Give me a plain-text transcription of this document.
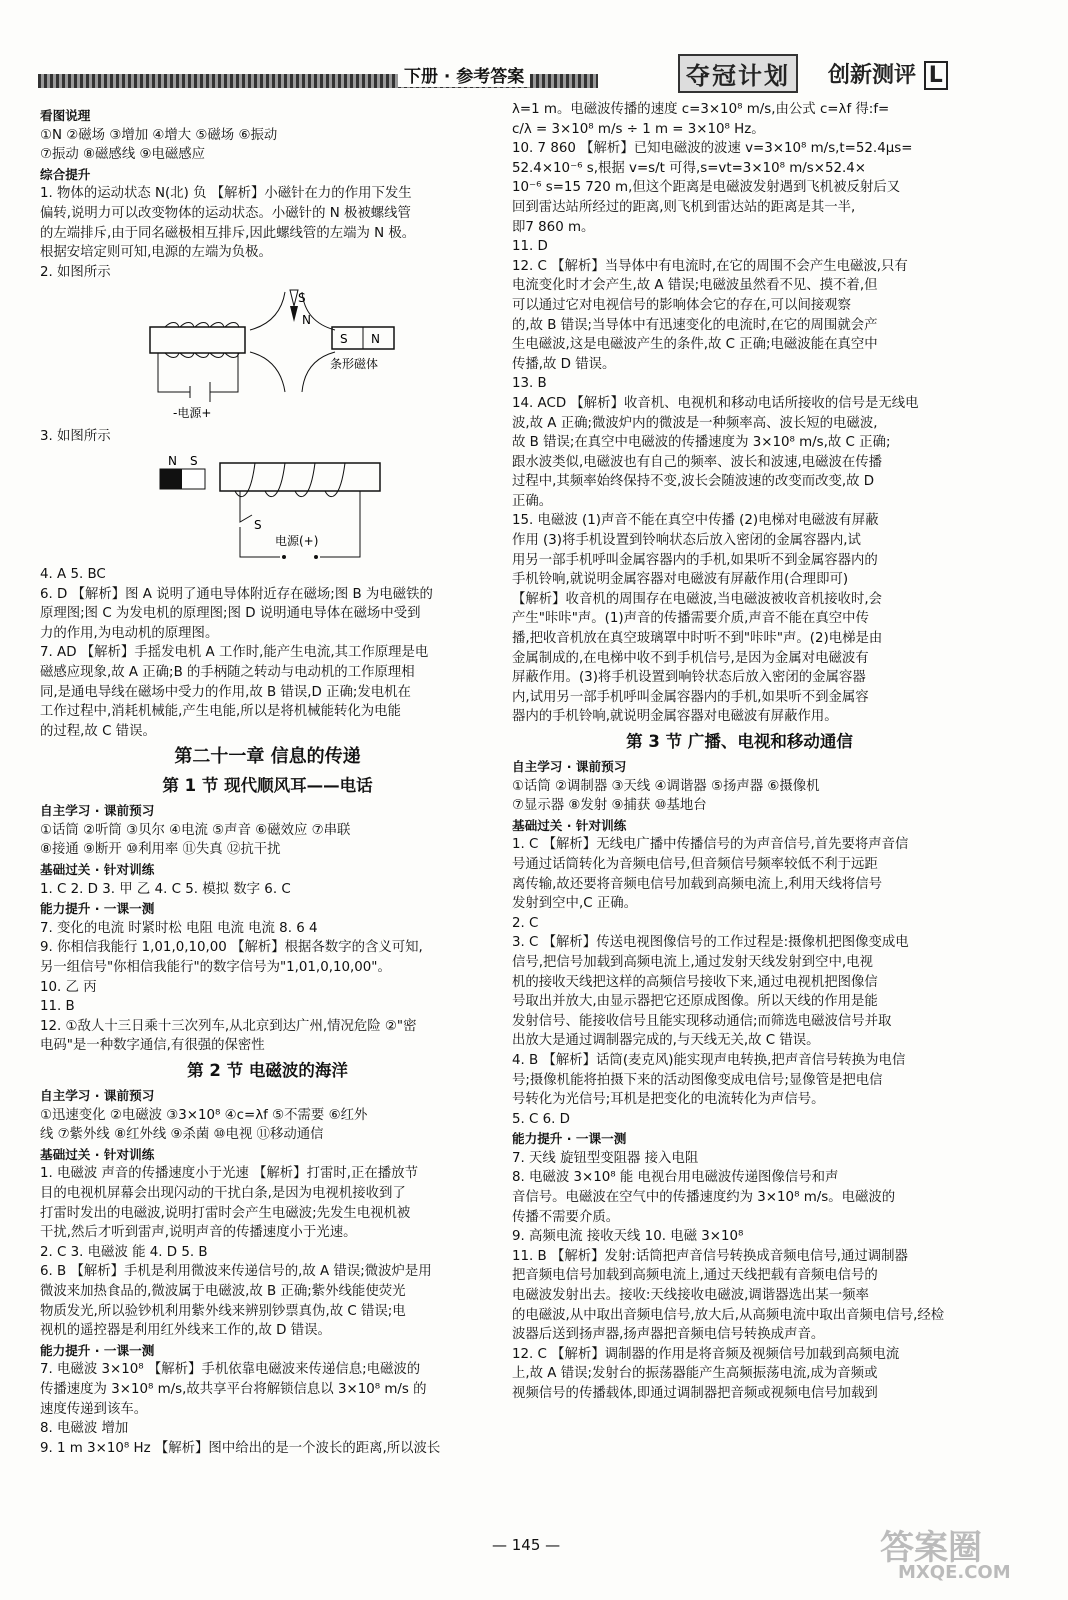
下册 · 参考答案	夺冠计划	创新测评 L
看图说理
①N ②磁场 ③增加 ④增大 ⑤磁场 ⑥振动
⑦振动 ⑧磁感线 ⑨电磁感应
综合提升
1. 物体的运动状态 N(北) 负 【解析】小磁针在力的作用下发生
偏转,说明力可以改变物体的运动状态。小磁针的 N 极被螺线管
的左端排斥,由于同名磁极相互排斥,因此螺线管的左端为 N 极。
根据安培定则可知,电源的左端为负极。
2. 如图所示
-电源+
S
N
S N
条形磁体
3. 如图所示
N S
S
电源(+)
4. A 5. BC
6. D 【解析】图 A 说明了通电导体附近存在磁场;图 B 为电磁铁的
原理图;图 C 为发电机的原理图;图 D 说明通电导体在磁场中受到
力的作用,为电动机的原理图。
7. AD 【解析】手摇发电机 A 工作时,能产生电流,其工作原理是电
磁感应现象,故 A 正确;B 的手柄随之转动与电动机的工作原理相
同,是通电导线在磁场中受力的作用,故 B 错误,D 正确;发电机在
工作过程中,消耗机械能,产生电能,所以是将机械能转化为电能
的过程,故 C 错误。
第二十一章 信息的传递
第 1 节 现代顺风耳——电话
自主学习 · 课前预习
①话筒 ②听筒 ③贝尔 ④电流 ⑤声音 ⑥磁效应 ⑦串联
⑧接通 ⑨断开 ⑩利用率 ⑪失真 ⑫抗干扰
基础过关 · 针对训练
1. C 2. D 3. 甲 乙 4. C 5. 模拟 数字 6. C
能力提升 · 一课一测
7. 变化的电流 时紧时松 电阻 电流 电流 8. 6 4
9. 你相信我能行 1,01,0,10,00 【解析】根据各数字的含义可知,
另一组信号"你相信我能行"的数字信号为"1,01,0,10,00"。
10. 乙 丙
11. B
12. ①敌人十三日乘十三次列车,从北京到达广州,情况危险 ②"密
电码"是一种数字通信,有很强的保密性
第 2 节 电磁波的海洋
自主学习 · 课前预习
①迅速变化 ②电磁波 ③3×10⁸ ④c=λf ⑤不需要 ⑥红外
线 ⑦紫外线 ⑧红外线 ⑨杀菌 ⑩电视 ⑪移动通信
基础过关 · 针对训练
1. 电磁波 声音的传播速度小于光速 【解析】打雷时,正在播放节
目的电视机屏幕会出现闪动的干扰白条,是因为电视机接收到了
打雷时发出的电磁波,说明打雷时会产生电磁波;先发生电视机被
干扰,然后才听到雷声,说明声音的传播速度小于光速。
2. C 3. 电磁波 能 4. D 5. B
6. B 【解析】手机是利用微波来传递信号的,故 A 错误;微波炉是用
微波来加热食品的,微波属于电磁波,故 B 正确;紫外线能使荧光
物质发光,所以验钞机利用紫外线来辨别钞票真伪,故 C 错误;电
视机的遥控器是利用红外线来工作的,故 D 错误。
能力提升 · 一课一测
7. 电磁波 3×10⁸ 【解析】手机依靠电磁波来传递信息;电磁波的
传播速度为 3×10⁸ m/s,故共享平台将解锁信息以 3×10⁸ m/s 的
速度传递到该车。
8. 电磁波 增加
9. 1 m 3×10⁸ Hz 【解析】图中给出的是一个波长的距离,所以波长
λ=1 m。电磁波传播的速度 c=3×10⁸ m/s,由公式 c=λf 得:f=
c/λ = 3×10⁸ m/s ÷ 1 m = 3×10⁸ Hz。
10. 7 860 【解析】已知电磁波的波速 v=3×10⁸ m/s,t=52.4μs=
52.4×10⁻⁶ s,根据 v=s/t 可得,s=vt=3×10⁸ m/s×52.4×
10⁻⁶ s=15 720 m,但这个距离是电磁波发射遇到飞机被反射后又
回到雷达站所经过的距离,则飞机到雷达站的距离是其一半,
即7 860 m。
11. D
12. C 【解析】当导体中有电流时,在它的周围不会产生电磁波,只有
电流变化时才会产生,故 A 错误;电磁波虽然看不见、摸不着,但
可以通过它对电视信号的影响体会它的存在,可以间接观察
的,故 B 错误;当导体中有迅速变化的电流时,在它的周围就会产
生电磁波,这是电磁波产生的条件,故 C 正确;电磁波能在真空中
传播,故 D 错误。
13. B
14. ACD 【解析】收音机、电视机和移动电话所接收的信号是无线电
波,故 A 正确;微波炉内的微波是一种频率高、波长短的电磁波,
故 B 错误;在真空中电磁波的传播速度为 3×10⁸ m/s,故 C 正确;
跟水波类似,电磁波也有自己的频率、波长和波速,电磁波在传播
过程中,其频率始终保持不变,波长会随波速的改变而改变,故 D
正确。
15. 电磁波 (1)声音不能在真空中传播 (2)电梯对电磁波有屏蔽
作用 (3)将手机设置到铃响状态后放入密闭的金属容器内,试
用另一部手机呼叫金属容器内的手机,如果听不到金属容器内的
手机铃响,就说明金属容器对电磁波有屏蔽作用(合理即可)
【解析】收音机的周围存在电磁波,当电磁波被收音机接收时,会
产生"咔咔"声。(1)声音的传播需要介质,声音不能在真空中传
播,把收音机放在真空玻璃罩中时听不到"咔咔"声。(2)电梯是由
金属制成的,在电梯中收不到手机信号,是因为金属对电磁波有
屏蔽作用。(3)将手机设置到响铃状态后放入密闭的金属容器
内,试用另一部手机呼叫金属容器内的手机,如果听不到金属容
器内的手机铃响,就说明金属容器对电磁波有屏蔽作用。
第 3 节 广播、电视和移动通信
自主学习 · 课前预习
①话筒 ②调制器 ③天线 ④调谐器 ⑤扬声器 ⑥摄像机
⑦显示器 ⑧发射 ⑨捕获 ⑩基地台
基础过关 · 针对训练
1. C 【解析】无线电广播中传播信号的为声音信号,首先要将声音信
号通过话筒转化为音频电信号,但音频信号频率较低不利于远距
离传输,故还要将音频电信号加载到高频电流上,利用天线将信号
发射到空中,C 正确。
2. C
3. C 【解析】传送电视图像信号的工作过程是:摄像机把图像变成电
信号,把信号加载到高频电流上,通过发射天线发射到空中,电视
机的接收天线把这样的高频信号接收下来,通过电视机把图像信
号取出并放大,由显示器把它还原成图像。所以天线的作用是能
发射信号、能接收信号且能实现移动通信;而筛选电磁波信号并取
出放大是通过调制器完成的,与天线无关,故 C 错误。
4. B 【解析】话筒(麦克风)能实现声电转换,把声音信号转换为电信
号;摄像机能将拍摄下来的活动图像变成电信号;显像管是把电信
号转化为光信号;耳机是把变化的电流转化为声信号。
5. C 6. D
能力提升 · 一课一测
7. 天线 旋钮型变阻器 接入电阻
8. 电磁波 3×10⁸ 能 电视台用电磁波传递图像信号和声
音信号。电磁波在空气中的传播速度约为 3×10⁸ m/s。电磁波的
传播不需要介质。
9. 高频电流 接收天线 10. 电磁 3×10⁸
11. B 【解析】发射:话筒把声音信号转换成音频电信号,通过调制器
把音频电信号加载到高频电流上,通过天线把载有音频电信号的
电磁波发射出去。接收:天线接收电磁波,调谐器选出某一频率
的电磁波,从中取出音频电信号,放大后,从高频电流中取出音频电信号,经检
波器后送到扬声器,扬声器把音频电信号转换成声音。
12. C 【解析】调制器的作用是将音频及视频信号加载到高频电流
上,故 A 错误;发射台的振荡器能产生高频振荡电流,成为音频或
视频信号的传播载体,即通过调制器把音频或视频电信号加载到
— 145 —	答案圈
MXQE.COM
